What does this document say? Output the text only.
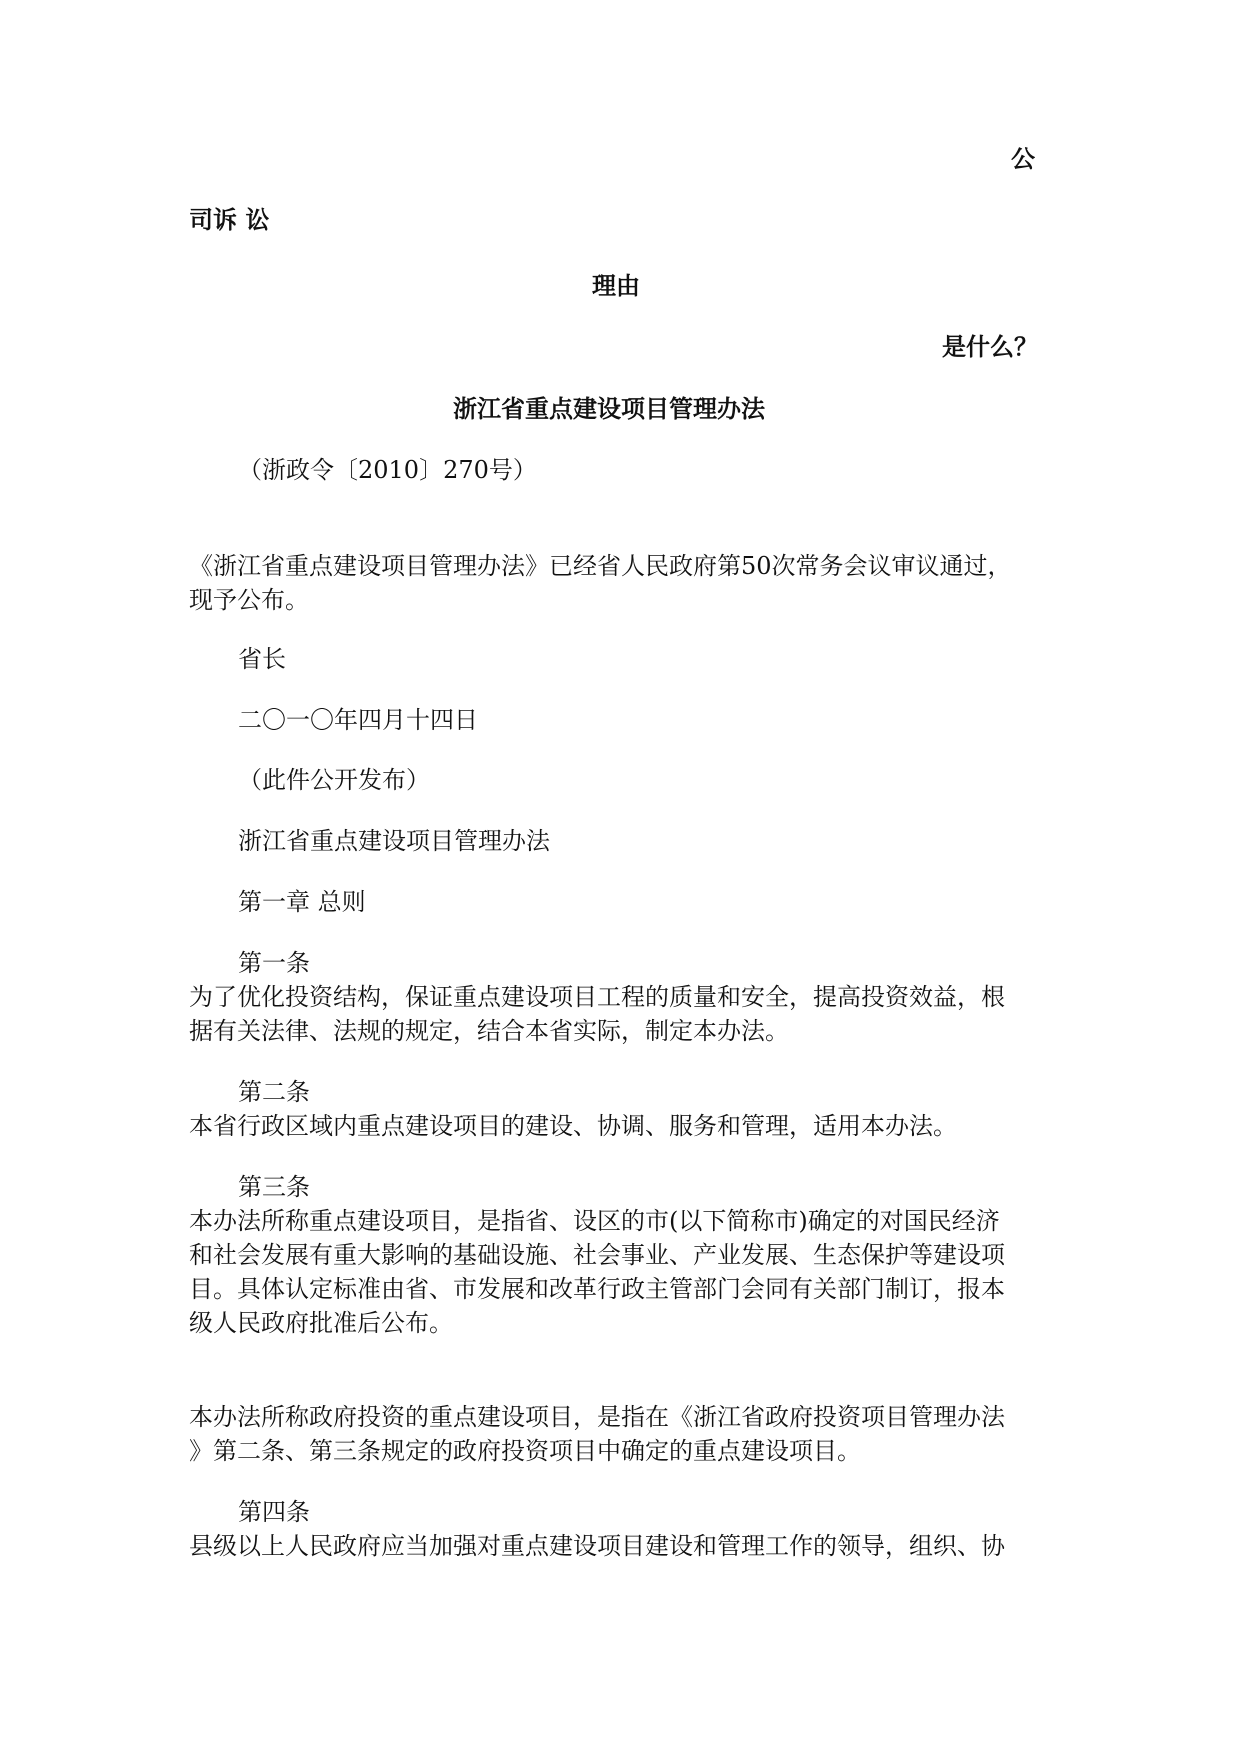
公
司诉 讼
理由
是什么？
浙江省重点建设项目管理办法
（浙政令〔2010〕270号）
《浙江省重点建设项目管理办法》已经省人民政府第50次常务会议审议通过，
现予公布。
省长
二〇一〇年四月十四日
（此件公开发布）
浙江省重点建设项目管理办法
第一章 总则
第一条
为了优化投资结构，保证重点建设项目工程的质量和安全，提高投资效益，根
据有关法律、法规的规定，结合本省实际，制定本办法。
第二条
本省行政区域内重点建设项目的建设、协调、服务和管理，适用本办法。
第三条
本办法所称重点建设项目，是指省、设区的市(以下简称市)确定的对国民经济
和社会发展有重大影响的基础设施、社会事业、产业发展、生态保护等建设项
目。具体认定标准由省、市发展和改革行政主管部门会同有关部门制订，报本
级人民政府批准后公布。
本办法所称政府投资的重点建设项目，是指在《浙江省政府投资项目管理办法
》第二条、第三条规定的政府投资项目中确定的重点建设项目。
第四条
县级以上人民政府应当加强对重点建设项目建设和管理工作的领导，组织、协
